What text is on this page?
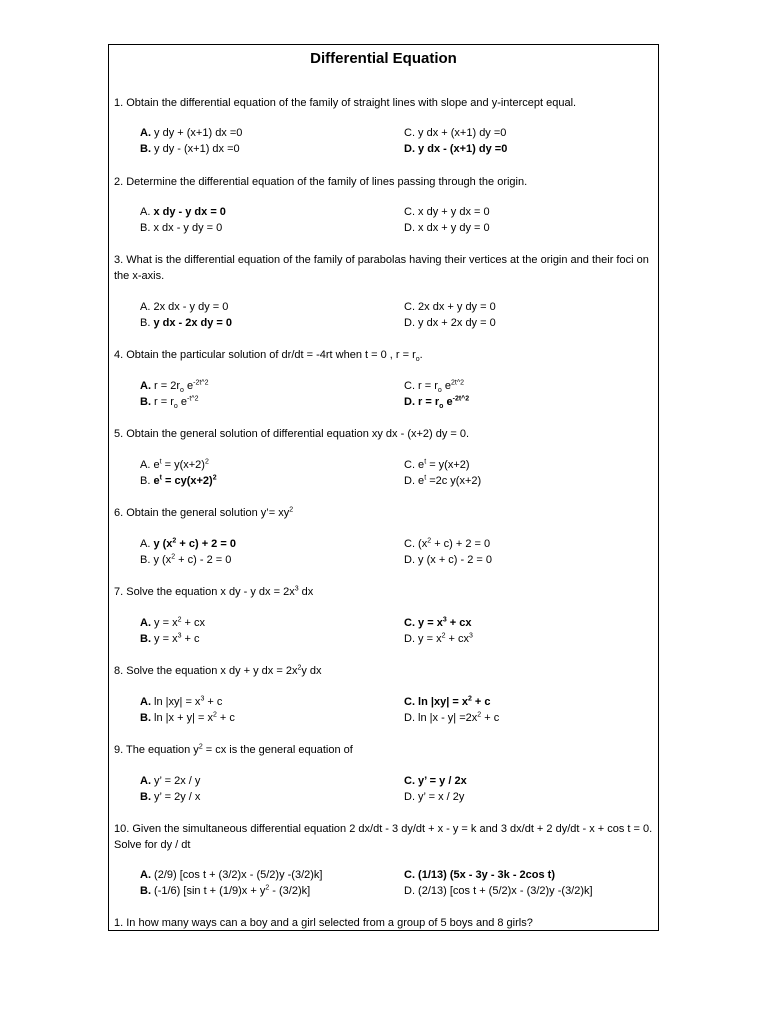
Differential Equation
1. Obtain the differential equation of the family of straight lines with slope and y-intercept equal.
A. y dy + (x+1) dx =0
B. y dy - (x+1) dx =0
C. y dx + (x+1) dy =0
D. y dx - (x+1) dy =0
2. Determine the differential equation of the family of lines passing through the origin.
A. x dy - y dx = 0
B. x dx - y dy = 0
C. x dy + y dx = 0
D. x dx + y dy = 0
3. What is the differential equation of the family of parabolas having their vertices at the origin and their foci on the x-axis.
A. 2x dx - y dy = 0
B. y dx - 2x dy = 0
C. 2x dx + y dy = 0
D. y dx + 2x dy = 0
4. Obtain the particular solution of dr/dt = -4rt when t = 0 , $r = r_o$.
A. $r = 2r_o$ $e^{-2t\^{}2}$
B. $r = r_o$ $e^{-t\^{}2}$
C. $r = r_o$ $e^{2t\^{}2}$
D. $r = r_o$ $e^{-2t\^{}2}$
5. Obtain the general solution of differential equation xy dx - (x+2) dy = 0.
A. $e^t = y(x+2)^2$
B. $e^t = cy(x+2)^2$
C. $e^t = y(x+2)$
D. $e^t =2c$ y(x+2)
6. Obtain the general solution y’= $xy^2$
A. y $(x^2 + c) + 2 = 0$
B. y $(x^2 + c) - 2 = 0$
C. $(x^2 + c) + 2 = 0$
D. y (x + c) - 2 = 0
7. Solve the equation x dy - y dx = $2x^3$ dx
A. $y = x^2$ + cx
B. $y = x^3 + c$
C. $y = x^3$ + cx
D. $y = x^2 + cx^3$
8. Solve the equation x dy + y dx = $2x^2y$ dx
A. $\ln |xy| = x^3 + c$
B. $\ln |x + y| = x^2 + c$
C. $\ln |xy| = x^2 + c$
D. $\ln |x - y| =2x^2 + c$
9. The equation $y^2$ = cx is the general equation of
A. y’ = 2x / y
B. y’ = 2y / x
C. y’ = y / 2x
D. y’ = x / 2y
10. Given the simultaneous differential equation 2 dx/dt - 3 dy/dt + x - y = k and 3 dx/dt + 2 dy/dt - x + cos t = 0. Solve for dy / dt
A. (2/9) [cos t + (3/2)x - (5/2)y -(3/2)k]
B. (-1/6) [sin $t + (1/9)x + y^2 - (3/2)k$]
C. (1/13) (5x - 3y - 3k - 2cos t)
D. (2/13) [cos t + (5/2)x - (3/2)y -(3/2)k]
1. In how many ways can a boy and a girl selected from a group of 5 boys and 8 girls?
